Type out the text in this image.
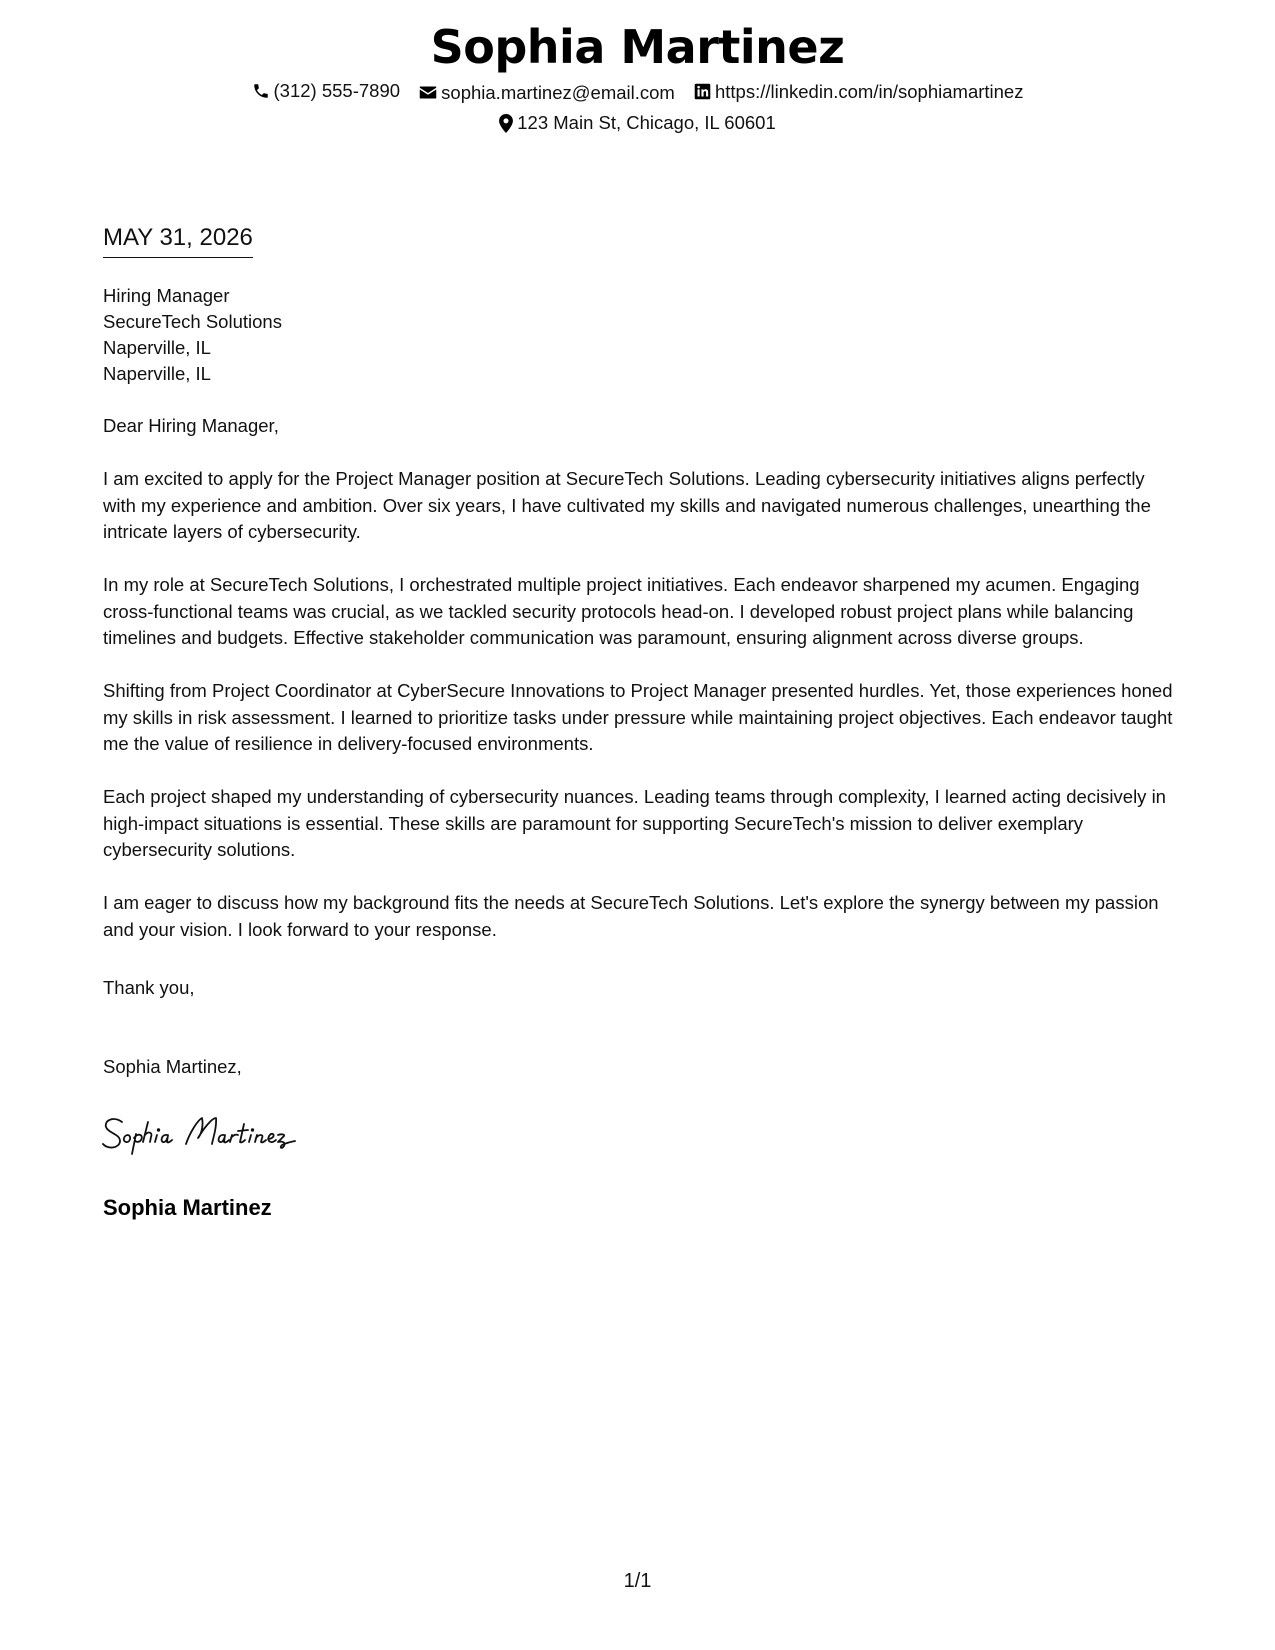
Sophia Martinez
(312) 555-7890
sophia.martinez@email.com
https://linkedin.com/in/sophiamartinez
123 Main St, Chicago, IL 60601
MAY 31, 2026
Hiring Manager
SecureTech Solutions
Naperville, IL
Naperville, IL

Dear Hiring Manager,

I am excited to apply for the Project Manager position at SecureTech Solutions. Leading cybersecurity initiatives aligns perfectly with my experience and ambition. Over six years, I have cultivated my skills and navigated numerous challenges, unearthing the intricate layers of cybersecurity.

In my role at SecureTech Solutions, I orchestrated multiple project initiatives. Each endeavor sharpened my acumen. Engaging cross-functional teams was crucial, as we tackled security protocols head-on. I developed robust project plans while balancing timelines and budgets. Effective stakeholder communication was paramount, ensuring alignment across diverse groups.

Shifting from Project Coordinator at CyberSecure Innovations to Project Manager presented hurdles. Yet, those experiences honed my skills in risk assessment. I learned to prioritize tasks under pressure while maintaining project objectives. Each endeavor taught me the value of resilience in delivery-focused environments.

Each project shaped my understanding of cybersecurity nuances. Leading teams through complexity, I learned acting decisively in high-impact situations is essential. These skills are paramount for supporting SecureTech's mission to deliver exemplary cybersecurity solutions.

I am eager to discuss how my background fits the needs at SecureTech Solutions. Let's explore the synergy between my passion and your vision. I look forward to your response.

Thank you,
Sophia Martinez,
Sophia Martinez
1/1
